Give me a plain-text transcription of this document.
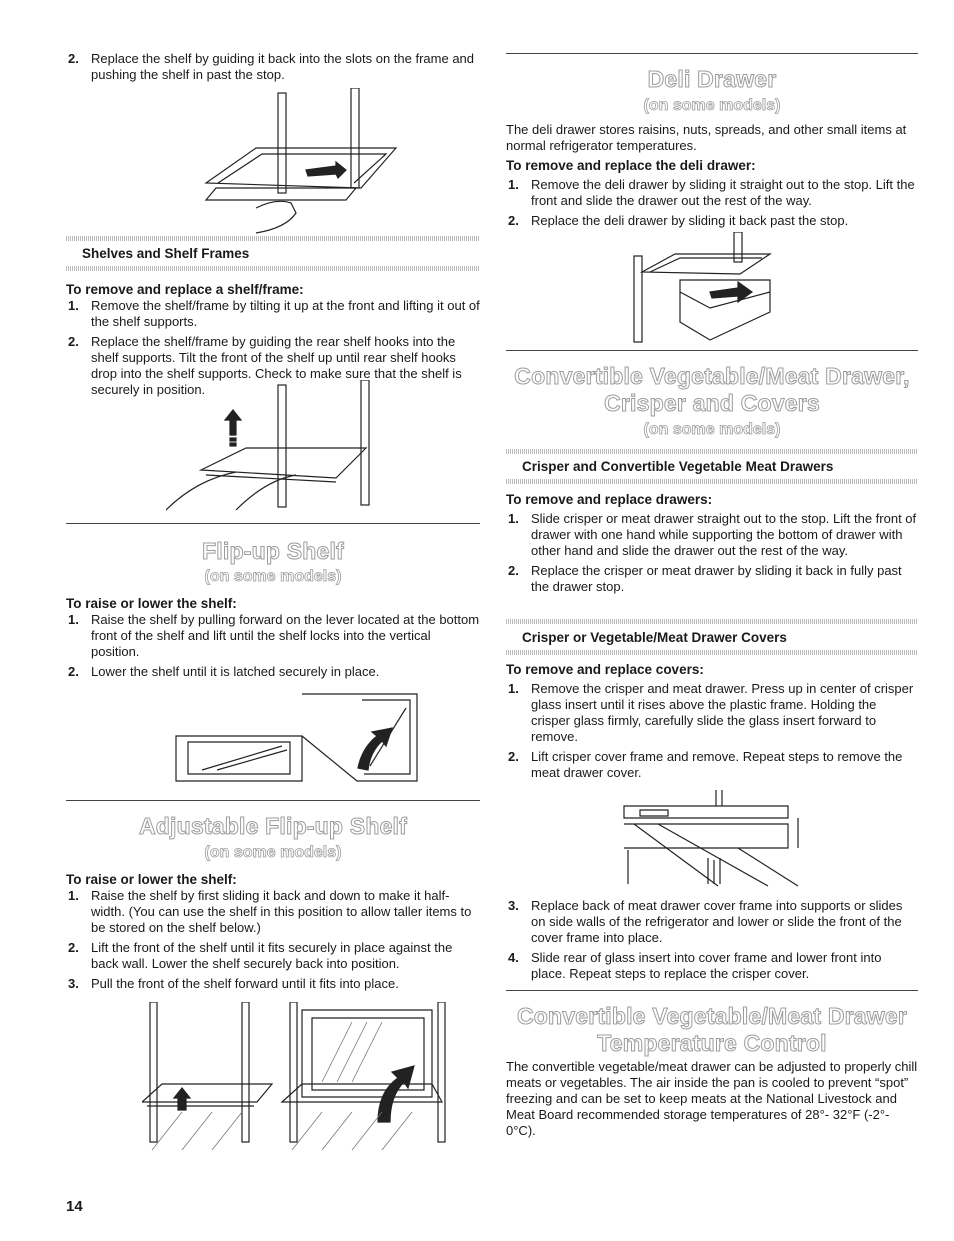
2. Replace the shelf by guiding it back into the slots on the frame and pushing the shelf in past the stop.
Shelves and Shelf Frames
To remove and replace a shelf/frame:
1. Remove the shelf/frame by tilting it up at the front and lifting it out of the shelf supports.
2. Replace the shelf/frame by guiding the rear shelf hooks into the shelf supports. Tilt the front of the shelf up until rear shelf hooks drop into the shelf supports. Check to make sure that the shelf is securely in position.
Flip-up Shelf
(on some models)
To raise or lower the shelf:
1. Raise the shelf by pulling forward on the lever located at the bottom front of the shelf and lift until the shelf locks into the vertical position.
2. Lower the shelf until it is latched securely in place.
Adjustable Flip-up Shelf
(on some models)
To raise or lower the shelf:
1. Raise the shelf by first sliding it back and down to make it half-width. (You can use the shelf in this position to allow taller items to be stored on the shelf below.)
2. Lift the front of the shelf until it fits securely in place against the back wall. Lower the shelf securely back into position.
3. Pull the front of the shelf forward until it fits into place.
Deli Drawer
(on some models)
The deli drawer stores raisins, nuts, spreads, and other small items at normal refrigerator temperatures.
To remove and replace the deli drawer:
1. Remove the deli drawer by sliding it straight out to the stop. Lift the front and slide the drawer out the rest of the way.
2. Replace the deli drawer by sliding it back past the stop.
Convertible Vegetable/Meat Drawer,
Crisper and Covers
(on some models)
Crisper and Convertible Vegetable Meat Drawers
To remove and replace drawers:
1. Slide crisper or meat drawer straight out to the stop. Lift the front of drawer with one hand while supporting the bottom of drawer with other hand and slide the drawer out the rest of the way.
2. Replace the crisper or meat drawer by sliding it back in fully past the drawer stop.
Crisper or Vegetable/Meat Drawer Covers
To remove and replace covers:
1. Remove the crisper and meat drawer. Press up in center of crisper glass insert until it rises above the plastic frame. Holding the crisper glass firmly, carefully slide the glass insert forward to remove.
2. Lift crisper cover frame and remove. Repeat steps to remove the meat drawer cover.
3. Replace back of meat drawer cover frame into supports or slides on side walls of the refrigerator and lower or slide the front of the cover frame into place.
4. Slide rear of glass insert into cover frame and lower front into place. Repeat steps to replace the crisper cover.
Convertible Vegetable/Meat Drawer
Temperature Control
The convertible vegetable/meat drawer can be adjusted to properly chill meats or vegetables. The air inside the pan is cooled to prevent “spot” freezing and can be set to keep meats at the National Livestock and Meat Board recommended storage temperatures of 28°- 32°F (-2°- 0°C).
14
